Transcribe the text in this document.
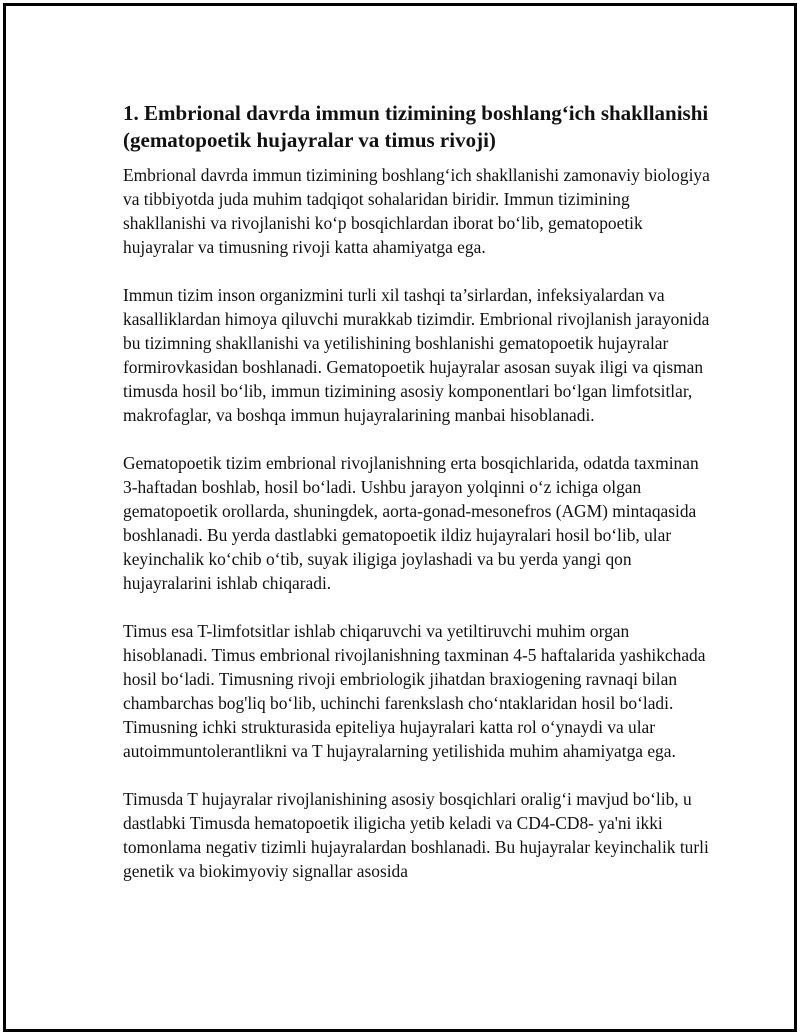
1. Embrional davrda immun tizimining boshlang‘ich shakllanishi (gematopoetik hujayralar va timus rivoji)

Embrional davrda immun tizimining boshlang‘ich shakllanishi zamonaviy biologiya va tibbiyotda juda muhim tadqiqot sohalaridan biridir. Immun tizimining shakllanishi va rivojlanishi ko‘p bosqichlardan iborat bo‘lib, gematopoetik hujayralar va timusning rivoji katta ahamiyatga ega.

Immun tizim inson organizmini turli xil tashqi ta’sirlardan, infeksiyalardan va kasalliklardan himoya qiluvchi murakkab tizimdir. Embrional rivojlanish jarayonida bu tizimning shakllanishi va yetilishining boshlanishi gematopoetik hujayralar formirovkasidan boshlanadi. Gematopoetik hujayralar asosan suyak iligi va qisman timusda hosil bo‘lib, immun tizimining asosiy komponentlari bo‘lgan limfotsitlar, makrofaglar, va boshqa immun hujayralarining manbai hisoblanadi.

Gematopoetik tizim embrional rivojlanishning erta bosqichlarida, odatda taxminan 3-haftadan boshlab, hosil bo‘ladi. Ushbu jarayon yolqinni o‘z ichiga olgan gematopoetik orollarda, shuningdek, aorta-gonad-mesonefros (AGM) mintaqasida boshlanadi. Bu yerda dastlabki gematopoetik ildiz hujayralari hosil bo‘lib, ular keyinchalik ko‘chib o‘tib, suyak iligiga joylashadi va bu yerda yangi qon hujayralarini ishlab chiqaradi.

Timus esa T-limfotsitlar ishlab chiqaruvchi va yetiltiruvchi muhim organ hisoblanadi. Timus embrional rivojlanishning taxminan 4-5 haftalarida yashikchada hosil bo‘ladi. Timusning rivoji embriologik jihatdan braxiogening ravnaqi bilan chambarchas bog'liq bo‘lib, uchinchi farenkslash cho‘ntaklaridan hosil bo‘ladi. Timusning ichki strukturasida epiteliya hujayralari katta rol o‘ynaydi va ular autoimmuntolerantlikni va T hujayralarning yetilishida muhim ahamiyatga ega.

Timusda T hujayralar rivojlanishining asosiy bosqichlari oralig‘i mavjud bo‘lib, u dastlabki Timusda hematopoetik iligicha yetib keladi va CD4-CD8- ya'ni ikki tomonlama negativ tizimli hujayralardan boshlanadi. Bu hujayralar keyinchalik turli genetik va biokimyoviy signallar asosida
